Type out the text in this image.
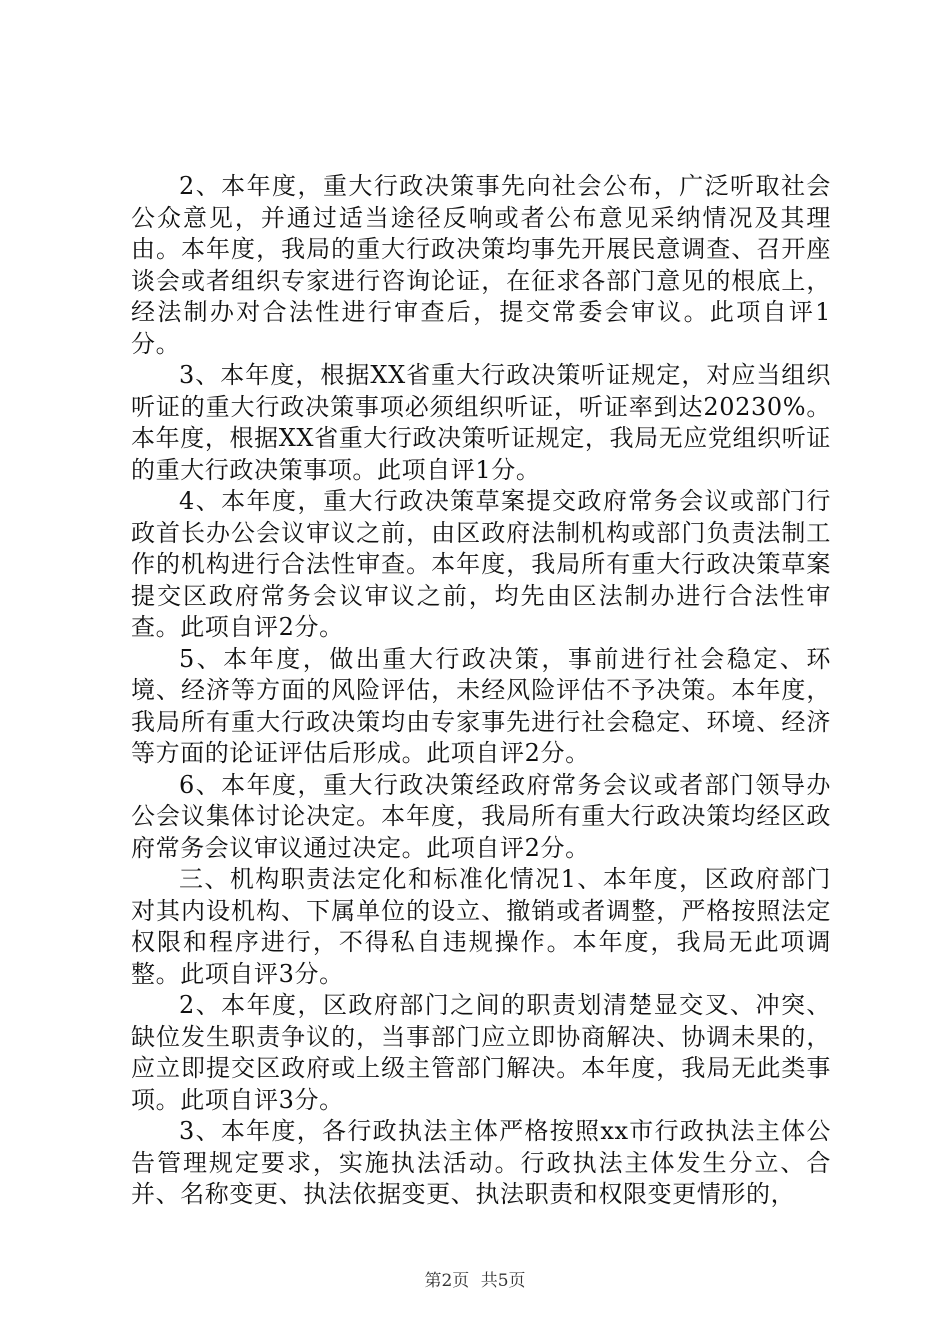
2、本年度，重大行政决策事先向社会公布，广泛听取社会公众意见，并通过适当途径反响或者公布意见采纳情况及其理由。本年度，我局的重大行政决策均事先开展民意调查、召开座谈会或者组织专家进行咨询论证，在征求各部门意见的根底上，经法制办对合法性进行审查后，提交常委会审议。此项自评1分。

3、本年度，根据XX省重大行政决策听证规定，对应当组织听证的重大行政决策事项必须组织听证，听证率到达20230%。本年度，根据XX省重大行政决策听证规定，我局无应党组织听证的重大行政决策事项。此项自评1分。

4、本年度，重大行政决策草案提交政府常务会议或部门行政首长办公会议审议之前，由区政府法制机构或部门负责法制工作的机构进行合法性审查。本年度，我局所有重大行政决策草案提交区政府常务会议审议之前，均先由区法制办进行合法性审查。此项自评2分。

5、本年度，做出重大行政决策，事前进行社会稳定、环境、经济等方面的风险评估，未经风险评估不予决策。本年度，我局所有重大行政决策均由专家事先进行社会稳定、环境、经济等方面的论证评估后形成。此项自评2分。

6、本年度，重大行政决策经政府常务会议或者部门领导办公会议集体讨论决定。本年度，我局所有重大行政决策均经区政府常务会议审议通过决定。此项自评2分。

三、机构职责法定化和标准化情况1、本年度，区政府部门对其内设机构、下属单位的设立、撤销或者调整，严格按照法定权限和程序进行，不得私自违规操作。本年度，我局无此项调整。此项自评3分。

2、本年度，区政府部门之间的职责划清楚显交叉、冲突、缺位发生职责争议的，当事部门应立即协商解决、协调未果的，应立即提交区政府或上级主管部门解决。本年度，我局无此类事项。此项自评3分。

3、本年度，各行政执法主体严格按照xx市行政执法主体公告管理规定要求，实施执法活动。行政执法主体发生分立、合并、名称变更、执法依据变更、执法职责和权限变更情形的，

第2页 共5页
